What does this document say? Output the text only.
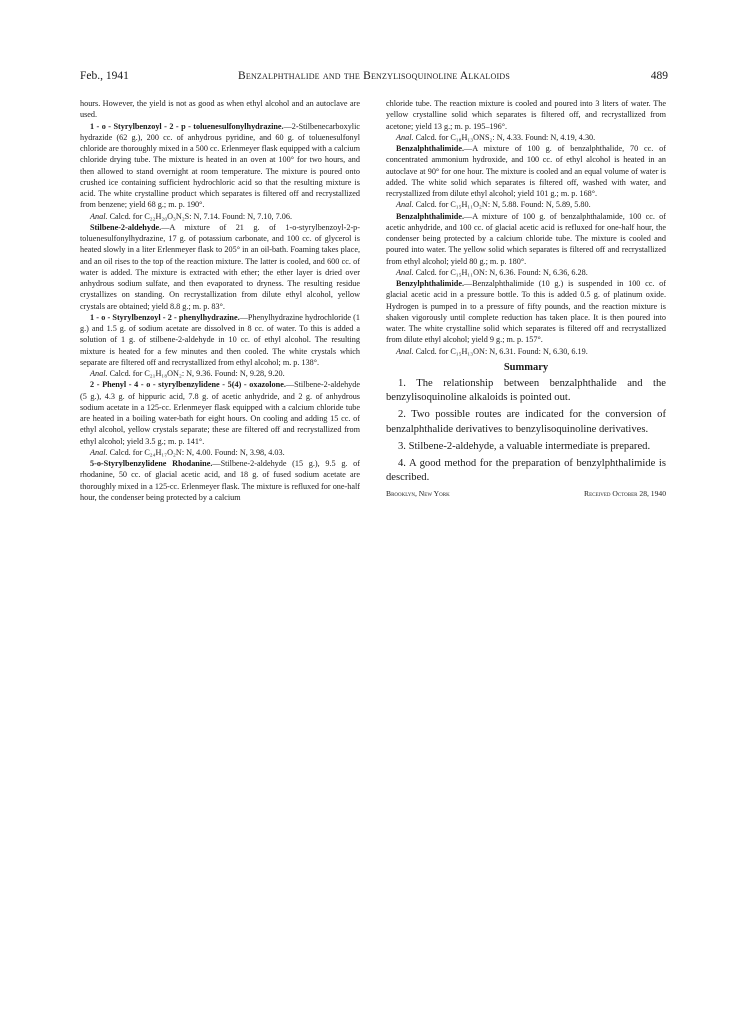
Feb., 1941	Benzalphthalide and the Benzylisoquinoline Alkaloids	489

hours. However, the yield is not as good as when ethyl alcohol and an autoclave are used.

1 - o - Styrylbenzoyl - 2 - p - toluenesulfonylhydrazine.—2-Stilbenecarboxylic hydrazide (62 g.), 200 cc. of anhydrous pyridine, and 60 g. of toluenesulfonyl chloride are thoroughly mixed in a 500 cc. Erlenmeyer flask equipped with a calcium chloride drying tube. The mixture is heated in an oven at 100° for two hours, and then allowed to stand overnight at room temperature. The mixture is poured onto crushed ice containing sufficient hydrochloric acid so that the resulting mixture is acid. The white crystalline product which separates is filtered off and recrystallized from benzene; yield 68 g.; m. p. 190°.

Anal. Calcd. for C₂₂H₂₀O₃N₂S: N, 7.14. Found: N, 7.10, 7.06.

Stilbene-2-aldehyde.—A mixture of 21 g. of 1-o-styrylbenzoyl-2-p-toluenesulfonylhydrazine, 17 g. of potassium carbonate, and 100 cc. of glycerol is heated slowly in a liter Erlenmeyer flask to 205° in an oil-bath. Foaming takes place, and an oil rises to the top of the reaction mixture. The latter is cooled, and 600 cc. of water is added. The mixture is extracted with ether; the ether layer is dried over anhydrous sodium sulfate, and then evaporated to dryness. The resulting residue crystallizes on standing. On recrystallization from dilute ethyl alcohol, yellow crystals are obtained; yield 8.8 g.; m. p. 83°.

1 - o - Styrylbenzoyl - 2 - phenylhydrazine.—Phenylhydrazine hydrochloride (1 g.) and 1.5 g. of sodium acetate are dissolved in 8 cc. of water. To this is added a solution of 1 g. of stilbene-2-aldehyde in 10 cc. of ethyl alcohol. The resulting mixture is heated for a few minutes and then cooled. The white crystals which separate are filtered off and recrystallized from ethyl alcohol; m. p. 138°.

Anal. Calcd. for C₂₁H₁₈ON₂: N, 9.36. Found: N, 9.28, 9.20.

2 - Phenyl - 4 - o - styrylbenzylidene - 5(4) - oxazolone.—Stilbene-2-aldehyde (5 g.), 4.3 g. of hippuric acid, 7.8 g. of acetic anhydride, and 2 g. of anhydrous sodium acetate in a 125-cc. Erlenmeyer flask equipped with a calcium chloride tube are heated in a boiling water-bath for eight hours. On cooling and adding 15 cc. of ethyl alcohol, yellow crystals separate; these are filtered off and recrystallized from ethyl alcohol; yield 3.5 g.; m. p. 141°.

Anal. Calcd. for C₂₄H₁₇O₂N: N, 4.00. Found: N, 3.98, 4.03.

5-o-Styrylbenzylidene Rhodanine.—Stilbene-2-aldehyde (15 g.), 9.5 g. of rhodanine, 50 cc. of glacial acetic acid, and 18 g. of fused sodium acetate are thoroughly mixed in a 125-cc. Erlenmeyer flask. The mixture is refluxed for one-half hour, the condenser being protected by a calcium

chloride tube. The reaction mixture is cooled and poured into 3 liters of water. The yellow crystalline solid which separates is filtered off, and recrystallized from acetone; yield 13 g.; m. p. 195–196°.

Anal. Calcd. for C₁₈H₁₃ONS₂: N, 4.33. Found: N, 4.19, 4.30.

Benzalphthalimide.—A mixture of 100 g. of benzalphthalide, 70 cc. of concentrated ammonium hydroxide, and 100 cc. of ethyl alcohol is heated in an autoclave at 90° for one hour. The mixture is cooled and an equal volume of water is added. The white solid which separates is filtered off, washed with water, and recrystallized from dilute ethyl alcohol; yield 101 g.; m. p. 168°.

Anal. Calcd. for C₁₅H₁₁O₂N: N, 5.88. Found: N, 5.89, 5.80.

Benzalphthalimide.—A mixture of 100 g. of benzalphthalamide, 100 cc. of acetic anhydride, and 100 cc. of glacial acetic acid is refluxed for one-half hour, the condenser being protected by a calcium chloride tube. The mixture is cooled and poured into water. The yellow solid which separates is filtered off and recrystallized from ethyl alcohol; yield 80 g.; m. p. 180°.

Anal. Calcd. for C₁₅H₁₁ON: N, 6.36. Found: N, 6.36, 6.28.

Benzylphthalimide.—Benzalphthalimide (10 g.) is suspended in 100 cc. of glacial acetic acid in a pressure bottle. To this is added 0.5 g. of platinum oxide. Hydrogen is pumped in to a pressure of fifty pounds, and the reaction mixture is shaken vigorously until complete reduction has taken place. It is then poured into water. The white crystalline solid which separates is filtered off and recrystallized from dilute ethyl alcohol; yield 9 g.; m. p. 157°.

Anal. Calcd. for C₁₅H₁₃ON: N, 6.31. Found: N, 6.30, 6.19.

Summary

1. The relationship between benzalphthalide and the benzylisoquinoline alkaloids is pointed out.

2. Two possible routes are indicated for the conversion of benzalphthalide derivatives to benzylisoquinoline derivatives.

3. Stilbene-2-aldehyde, a valuable intermediate is prepared.

4. A good method for the preparation of benzylphthalimide is described.

Brooklyn, New York	Received October 28, 1940
